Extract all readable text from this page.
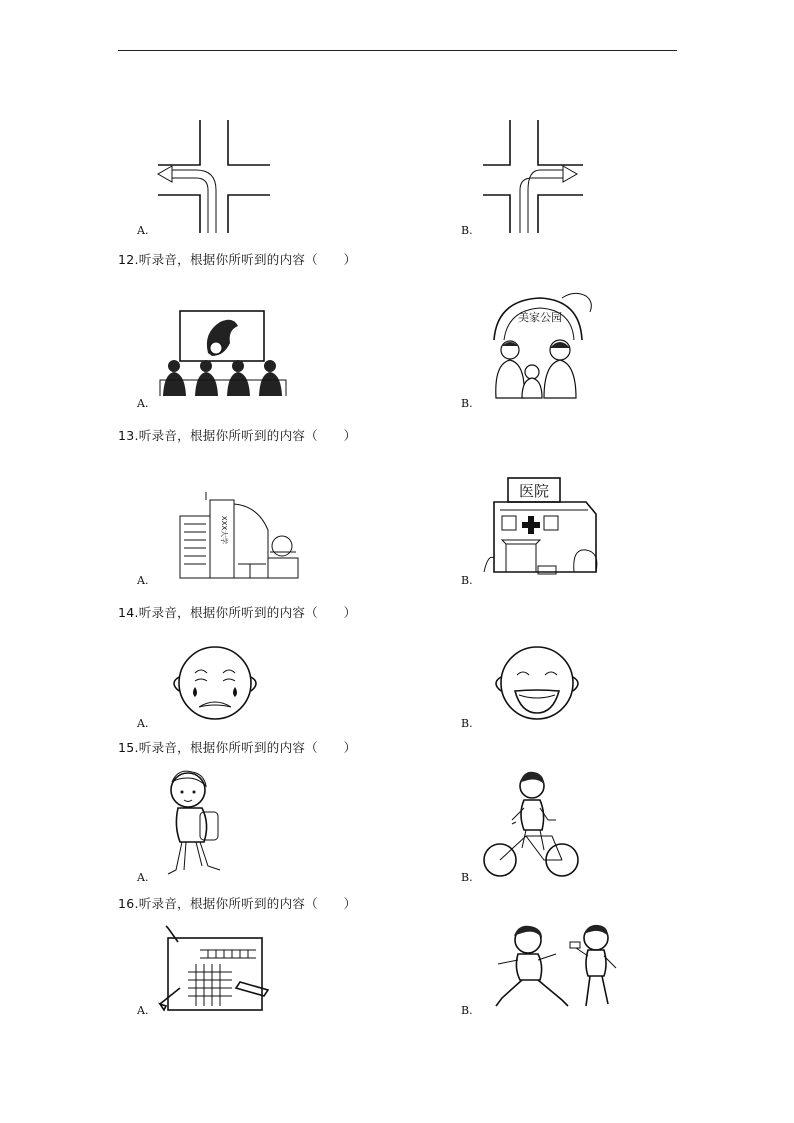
A.	B.
12.听录音，根据你所听到的内容（　　）
A.
美家公园
B.
13.听录音，根据你所听到的内容（　　）
XXX大学
A.
医院
B.
14.听录音，根据你所听到的内容（　　）
A.	B.
15.听录音，根据你所听到的内容（　　）
A.	B.
16.听录音，根据你所听到的内容（　　）
A.	B.
